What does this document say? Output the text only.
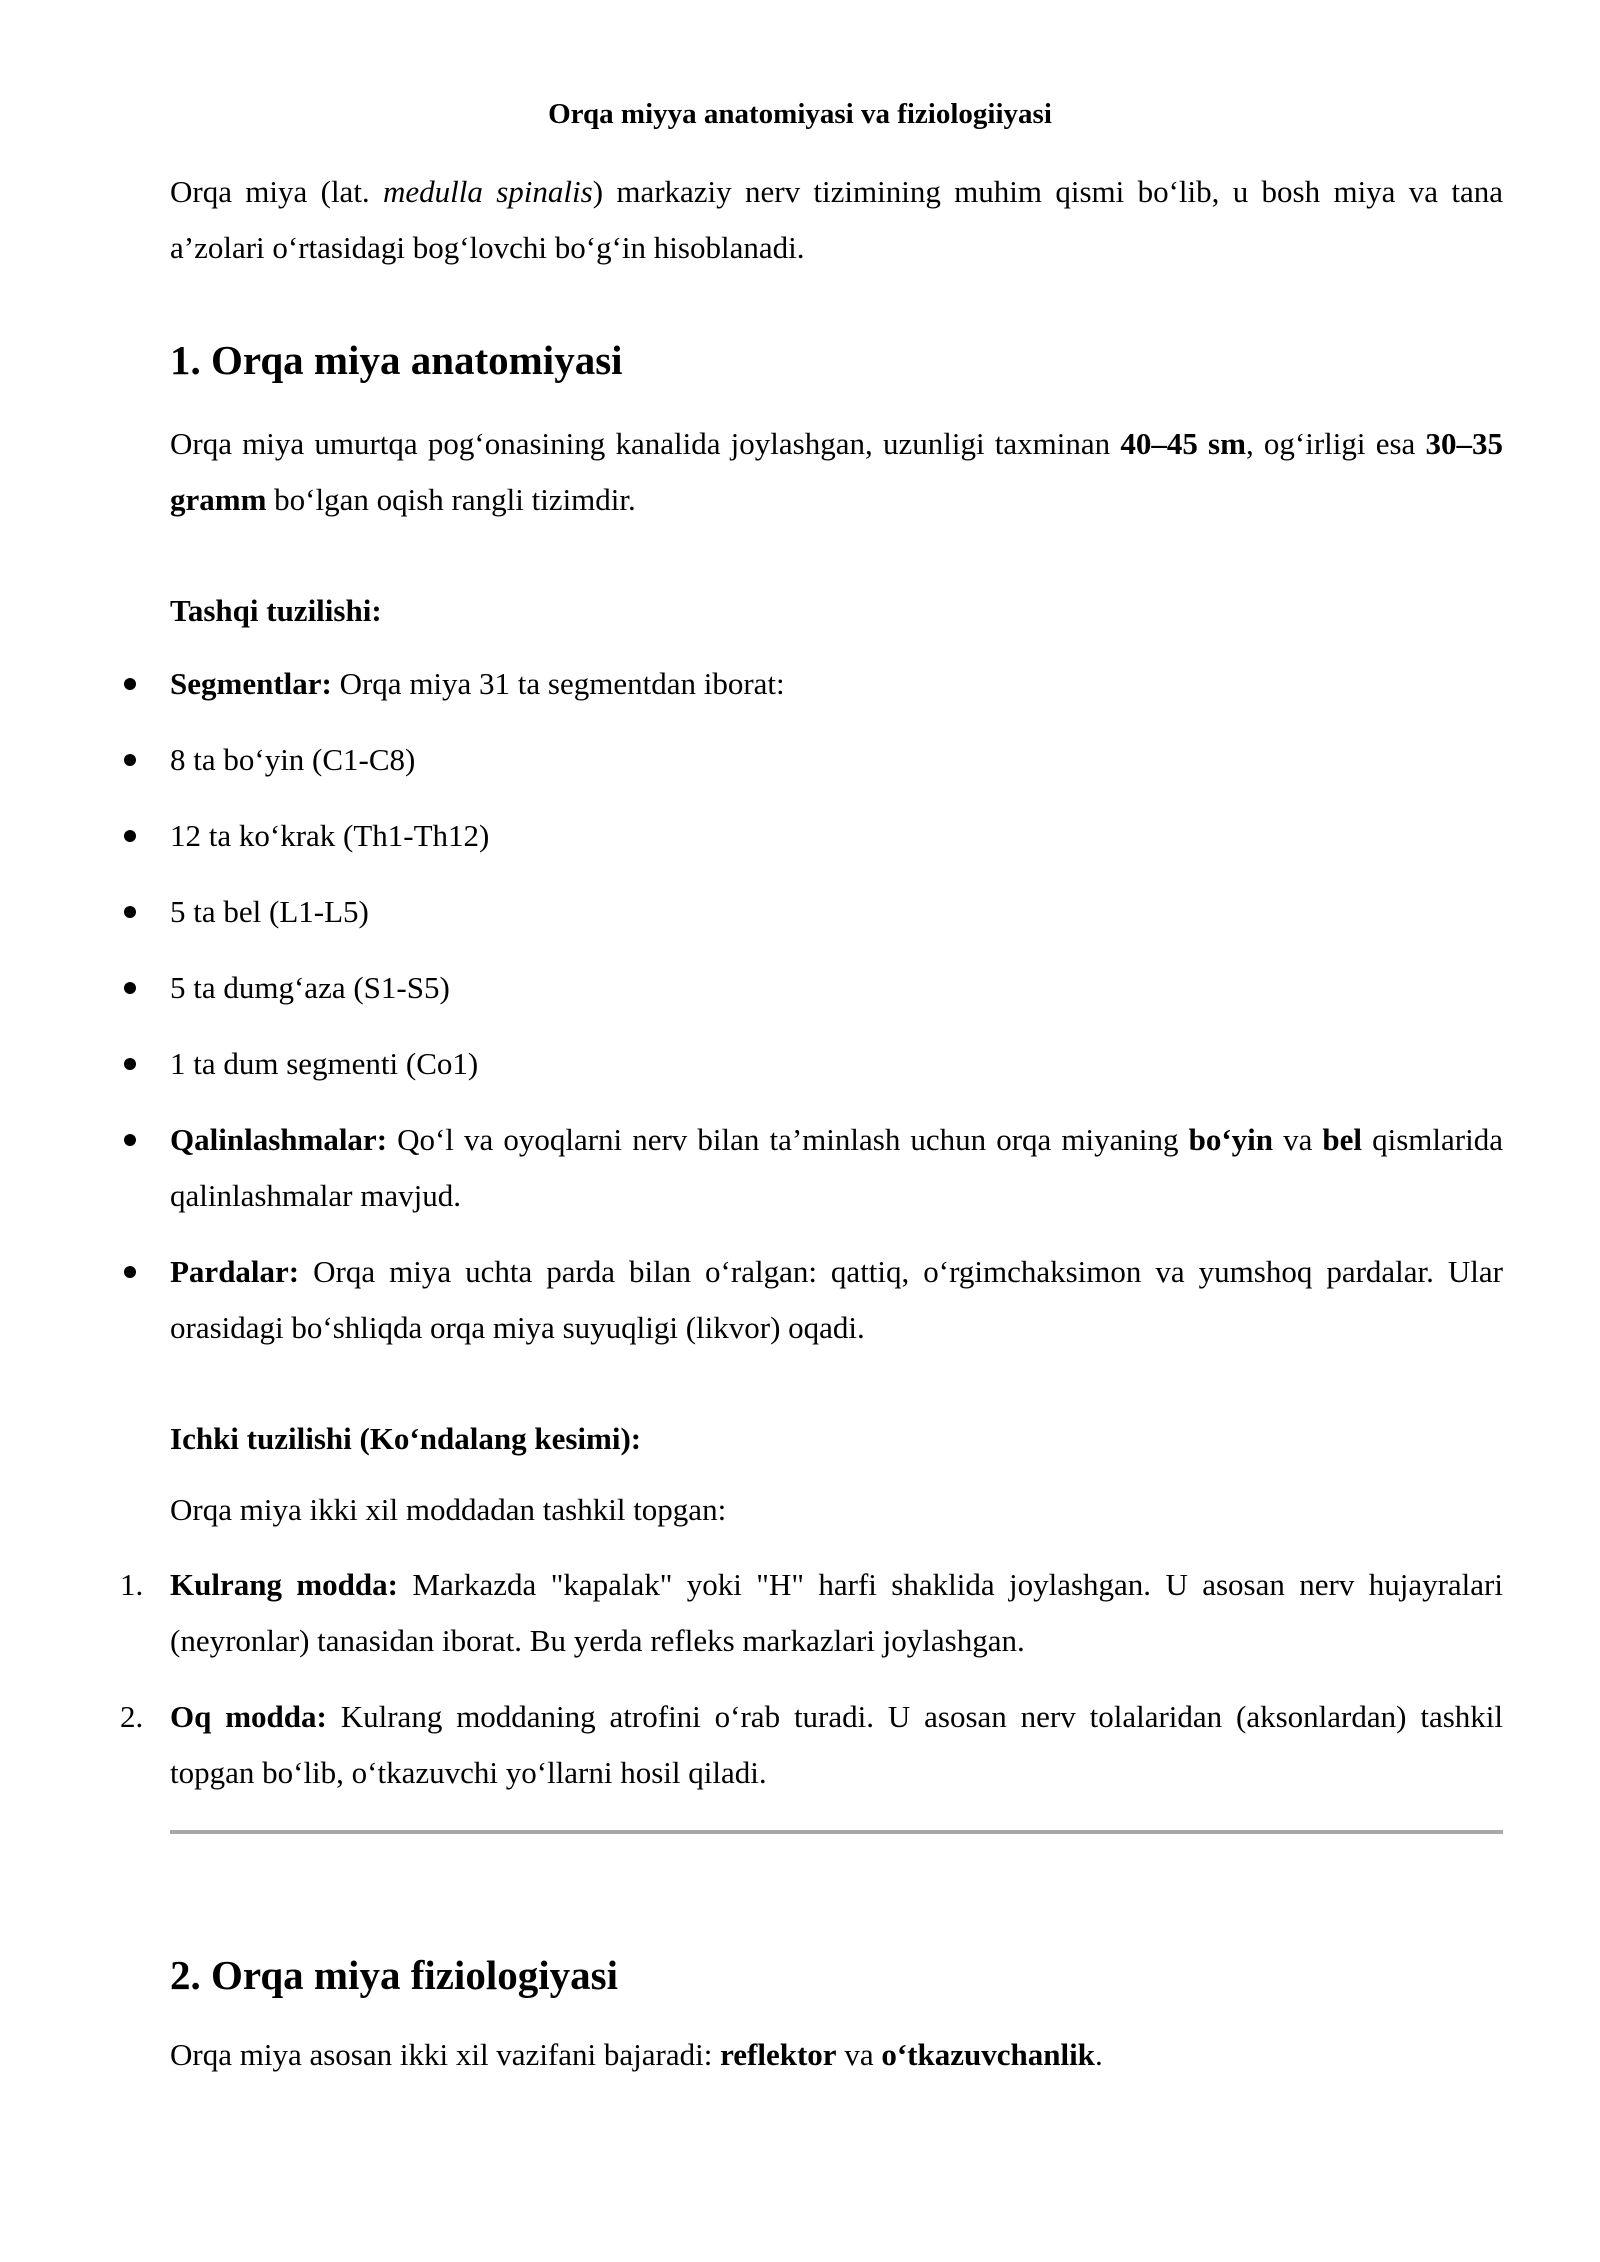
Orqa miyya anatomiyasi va fiziologiiyasi
Orqa miya (lat. medulla spinalis) markaziy nerv tizimining muhim qismi bo‘lib, u bosh miya va tana a’zolari o‘rtasidagi bog‘lovchi bo‘g‘in hisoblanadi.
1. Orqa miya anatomiyasi
Orqa miya umurtqa pog‘onasining kanalida joylashgan, uzunligi taxminan 40–45 sm, og‘irligi esa 30–35 gramm bo‘lgan oqish rangli tizimdir.
Tashqi tuzilishi:
Segmentlar: Orqa miya 31 ta segmentdan iborat:
8 ta bo‘yin (C1-C8)
12 ta ko‘krak (Th1-Th12)
5 ta bel (L1-L5)
5 ta dumg‘aza (S1-S5)
1 ta dum segmenti (Co1)
Qalinlashmalar: Qo‘l va oyoqlarni nerv bilan ta’minlash uchun orqa miyaning bo‘yin va bel qismlarida qalinlashmalar mavjud.
Pardalar: Orqa miya uchta parda bilan o‘ralgan: qattiq, o‘rgimchaksimon va yumshoq pardalar. Ular orasidagi bo‘shliqda orqa miya suyuqligi (likvor) oqadi.
Ichki tuzilishi (Ko‘ndalang kesimi):
Orqa miya ikki xil moddadan tashkil topgan:
1. Kulrang modda: Markazda "kapalak" yoki "H" harfi shaklida joylashgan. U asosan nerv hujayralari (neyronlar) tanasidan iborat. Bu yerda refleks markazlari joylashgan.
2. Oq modda: Kulrang moddaning atrofini o‘rab turadi. U asosan nerv tolalaridan (aksonlardan) tashkil topgan bo‘lib, o‘tkazuvchi yo‘llarni hosil qiladi.
2. Orqa miya fiziologiyasi
Orqa miya asosan ikki xil vazifani bajaradi: reflektor va o‘tkazuvchanlik.
